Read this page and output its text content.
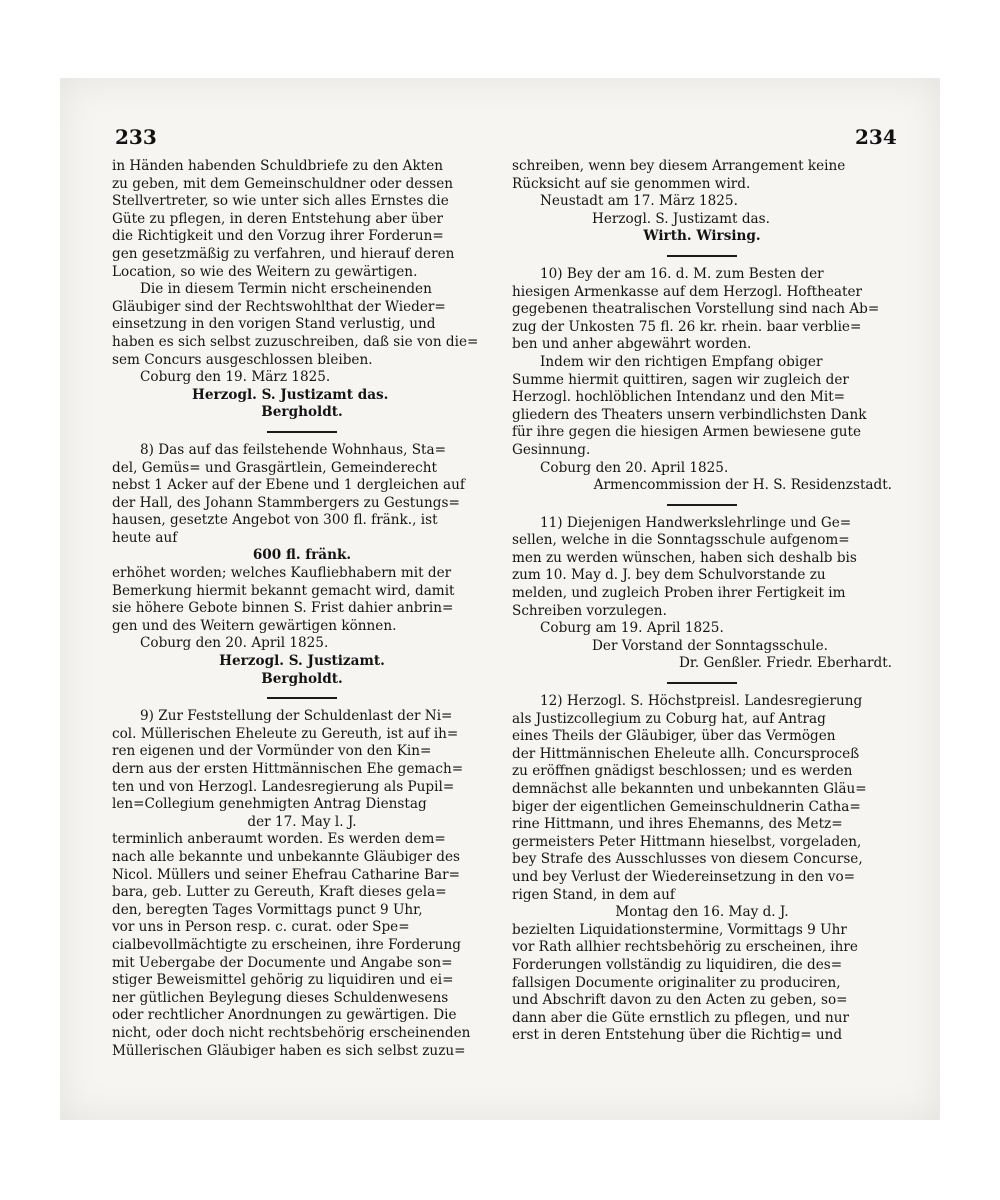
233	234
in Händen habenden Schuldbriefe zu den Akten
zu geben, mit dem Gemeinschuldner oder dessen
Stellvertreter, so wie unter sich alles Ernstes die
Güte zu pflegen, in deren Entstehung aber über
die Richtigkeit und den Vorzug ihrer Forderun=
gen gesetzmäßig zu verfahren, und hierauf deren
Location, so wie des Weitern zu gewärtigen.
Die in diesem Termin nicht erscheinenden
Gläubiger sind der Rechtswohlthat der Wieder=
einsetzung in den vorigen Stand verlustig, und
haben es sich selbst zuzuschreiben, daß sie von die=
sem Concurs ausgeschlossen bleiben.
Coburg den 19. März 1825.
Herzogl. S. Justizamt das.
Bergholdt.
8) Das auf das feilstehende Wohnhaus, Sta=
del, Gemüs= und Grasgärtlein, Gemeinderecht
nebst 1 Acker auf der Ebene und 1 dergleichen auf
der Hall, des Johann Stammbergers zu Gestungs=
hausen, gesetzte Angebot von 300 fl. fränk., ist
heute auf
600 fl. fränk.
erhöhet worden; welches Kaufliebhabern mit der
Bemerkung hiermit bekannt gemacht wird, damit
sie höhere Gebote binnen S. Frist dahier anbrin=
gen und des Weitern gewärtigen können.
Coburg den 20. April 1825.
Herzogl. S. Justizamt.
Bergholdt.
9) Zur Feststellung der Schuldenlast der Ni=
col. Müllerischen Eheleute zu Gereuth, ist auf ih=
ren eigenen und der Vormünder von den Kin=
dern aus der ersten Hittmännischen Ehe gemach=
ten und von Herzogl. Landesregierung als Pupil=
len=Collegium genehmigten Antrag Dienstag
der 17. May l. J.
terminlich anberaumt worden. Es werden dem=
nach alle bekannte und unbekannte Gläubiger des
Nicol. Müllers und seiner Ehefrau Catharine Bar=
bara, geb. Lutter zu Gereuth, Kraft dieses gela=
den, beregten Tages Vormittags punct 9 Uhr,
vor uns in Person resp. c. curat. oder Spe=
cialbevollmächtigte zu erscheinen, ihre Forderung
mit Uebergabe der Documente und Angabe son=
stiger Beweismittel gehörig zu liquidiren und ei=
ner gütlichen Beylegung dieses Schuldenwesens
oder rechtlicher Anordnungen zu gewärtigen. Die
nicht, oder doch nicht rechtsbehörig erscheinenden
Müllerischen Gläubiger haben es sich selbst zuzu=
schreiben, wenn bey diesem Arrangement keine
Rücksicht auf sie genommen wird.
Neustadt am 17. März 1825.
Herzogl. S. Justizamt das.
Wirth. Wirsing.
10) Bey der am 16. d. M. zum Besten der
hiesigen Armenkasse auf dem Herzogl. Hoftheater
gegebenen theatralischen Vorstellung sind nach Ab=
zug der Unkosten 75 fl. 26 kr. rhein. baar verblie=
ben und anher abgewährt worden.
Indem wir den richtigen Empfang obiger
Summe hiermit quittiren, sagen wir zugleich der
Herzogl. hochlöblichen Intendanz und den Mit=
gliedern des Theaters unsern verbindlichsten Dank
für ihre gegen die hiesigen Armen bewiesene gute
Gesinnung.
Coburg den 20. April 1825.
Armencommission der H. S. Residenzstadt.
11) Diejenigen Handwerkslehrlinge und Ge=
sellen, welche in die Sonntagsschule aufgenom=
men zu werden wünschen, haben sich deshalb bis
zum 10. May d. J. bey dem Schulvorstande zu
melden, und zugleich Proben ihrer Fertigkeit im
Schreiben vorzulegen.
Coburg am 19. April 1825.
Der Vorstand der Sonntagsschule.
Dr. Genßler. Friedr. Eberhardt.
12) Herzogl. S. Höchstpreisl. Landesregierung
als Justizcollegium zu Coburg hat, auf Antrag
eines Theils der Gläubiger, über das Vermögen
der Hittmännischen Eheleute allh. Concursproceß
zu eröffnen gnädigst beschlossen; und es werden
demnächst alle bekannten und unbekannten Gläu=
biger der eigentlichen Gemeinschuldnerin Catha=
rine Hittmann, und ihres Ehemanns, des Metz=
germeisters Peter Hittmann hieselbst, vorgeladen,
bey Strafe des Ausschlusses von diesem Concurse,
und bey Verlust der Wiedereinsetzung in den vo=
rigen Stand, in dem auf
Montag den 16. May d. J.
bezielten Liquidationstermine, Vormittags 9 Uhr
vor Rath allhier rechtsbehörig zu erscheinen, ihre
Forderungen vollständig zu liquidiren, die des=
fallsigen Documente originaliter zu produciren,
und Abschrift davon zu den Acten zu geben, so=
dann aber die Güte ernstlich zu pflegen, und nur
erst in deren Entstehung über die Richtig= und
